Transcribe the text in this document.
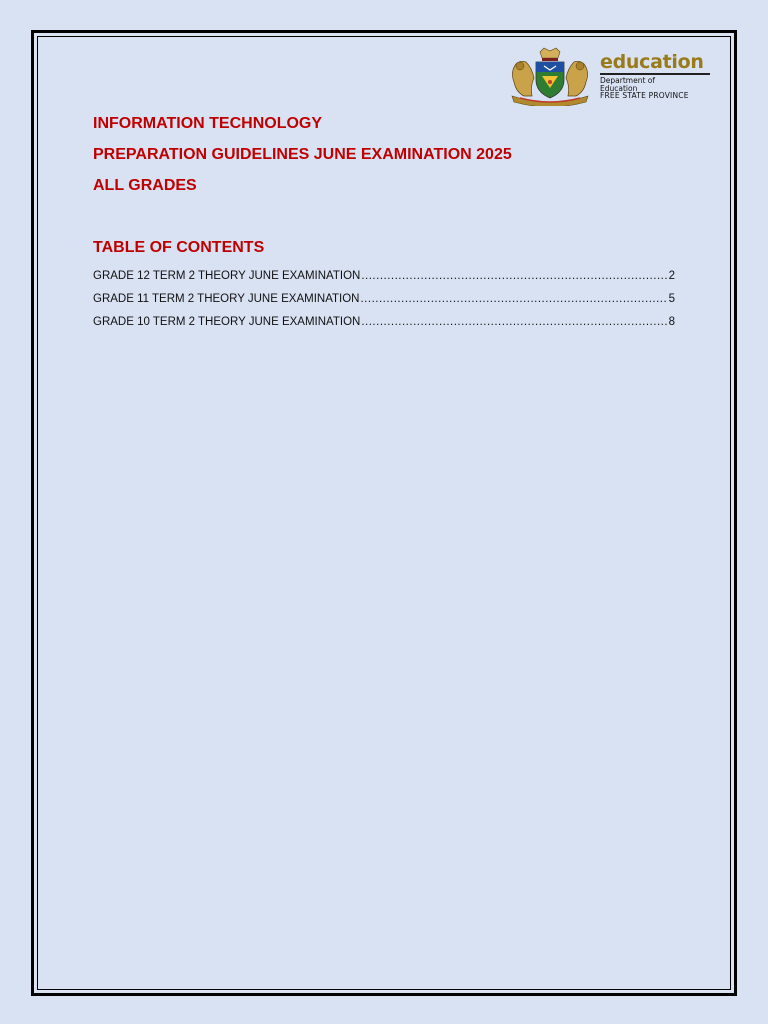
education
Department of
Education
FREE STATE PROVINCE
INFORMATION TECHNOLOGY
PREPARATION GUIDELINES JUNE EXAMINATION 2025
ALL GRADES
TABLE OF CONTENTS
GRADE 12 TERM 2 THEORY JUNE EXAMINATION .....	2
GRADE 11 TERM 2 THEORY JUNE EXAMINATION .....	5
GRADE 10 TERM 2 THEORY JUNE EXAMINATION .....	8
